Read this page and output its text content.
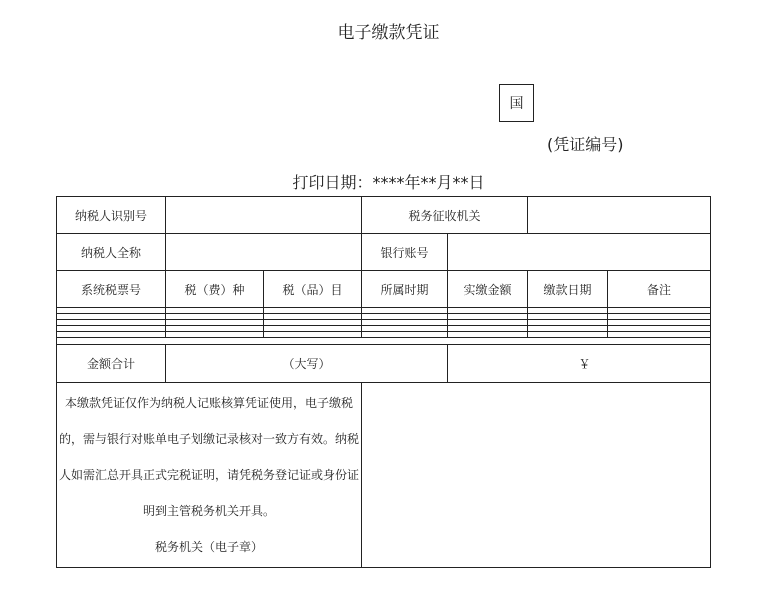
电子缴款凭证
国
(凭证编号)
打印日期：****年**月**日
纳税人识别号			税务征收机关			
纳税人全称			银行账号			
系统税票号	税（费）种	税（品）目	所属时期	实缴金额	缴款日期	备注

金额合计	（大写）			￥		

本缴款凭证仅作为纳税人记账核算凭证使用，电子缴税
的，需与银行对账单电子划缴记录核对一致方有效。纳税
人如需汇总开具正式完税证明，请凭税务登记证或身份证
明到主管税务机关开具。
税务机关（电子章）						
